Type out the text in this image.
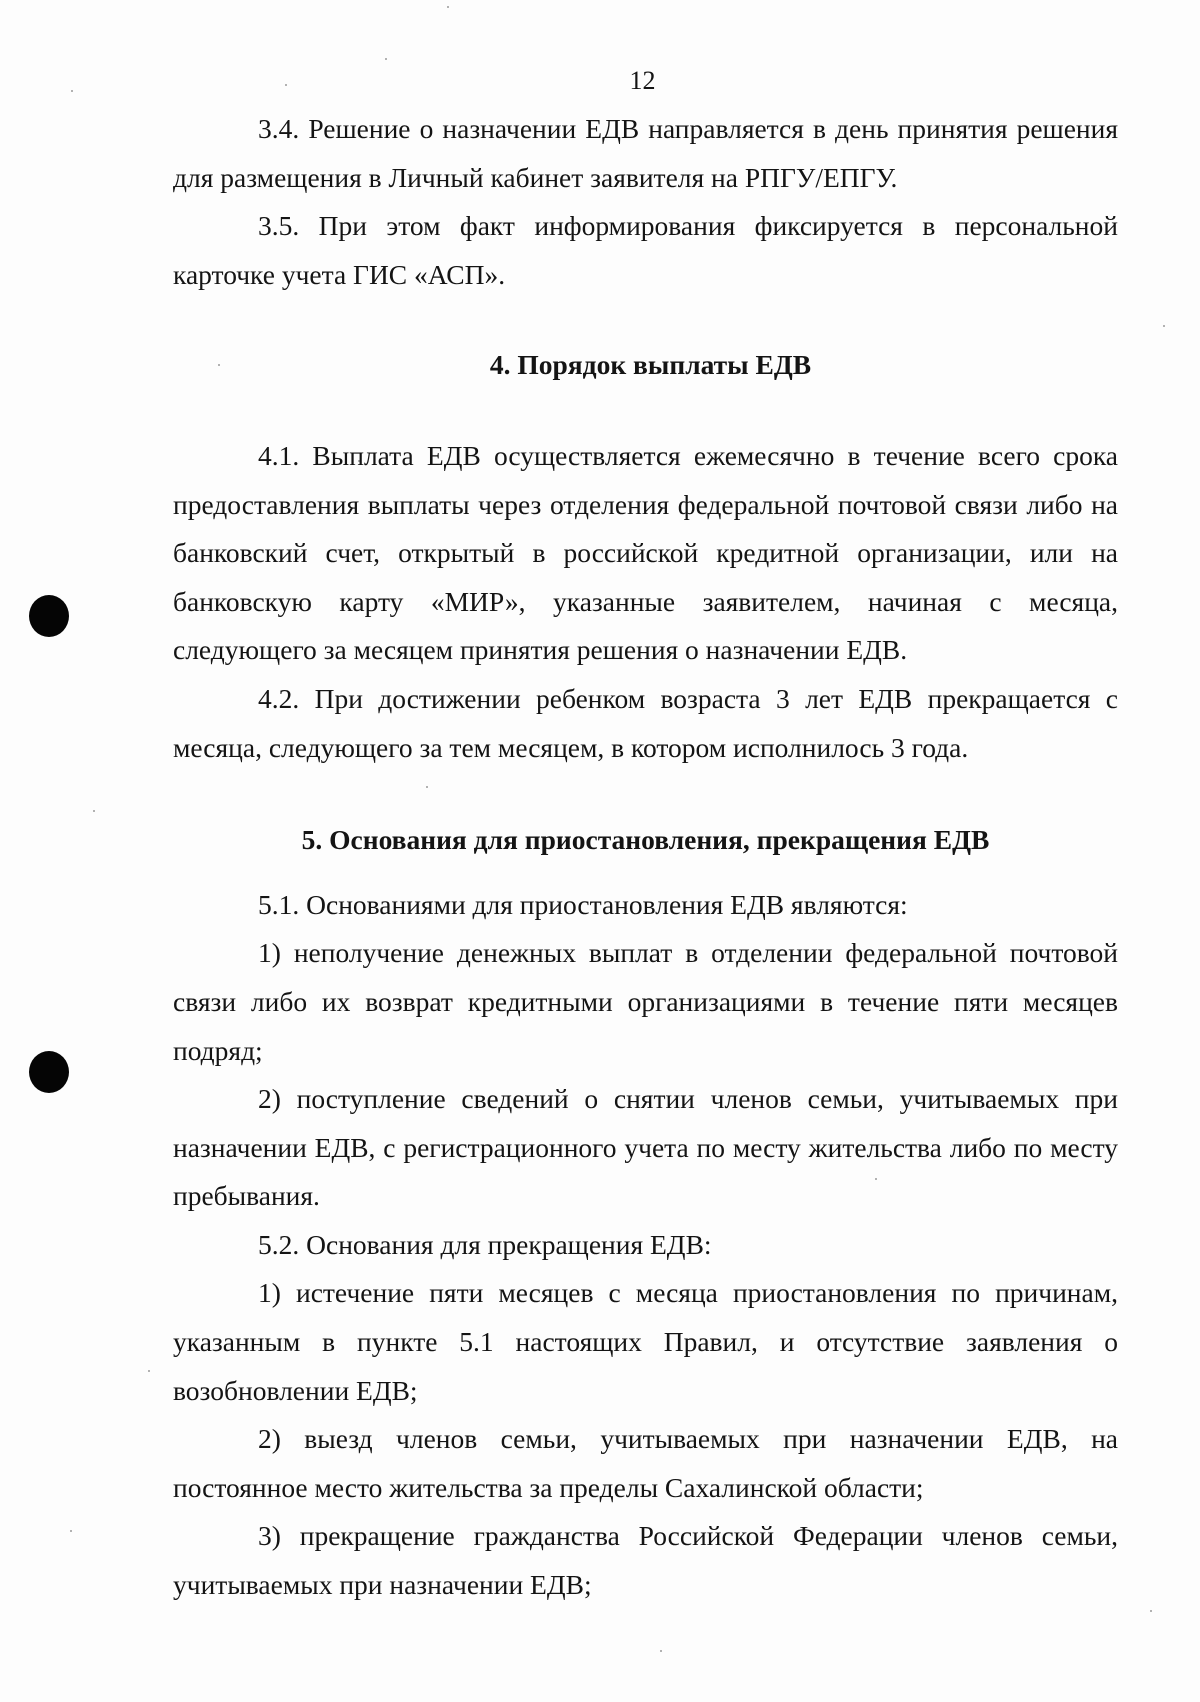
12

3.4. Решение о назначении ЕДВ направляется в день принятия решения для размещения в Личный кабинет заявителя на РПГУ/ЕПГУ.

3.5. При этом факт информирования фиксируется в персональной карточке учета ГИС «АСП».

4. Порядок выплаты ЕДВ

4.1. Выплата ЕДВ осуществляется ежемесячно в течение всего срока предоставления выплаты через отделения федеральной почтовой связи либо на банковский счет, открытый в российской кредитной организации, или на банковскую карту «МИР», указанные заявителем, начиная с месяца, следующего за месяцем принятия решения о назначении ЕДВ.

4.2. При достижении ребенком возраста 3 лет ЕДВ прекращается с месяца, следующего за тем месяцем, в котором исполнилось 3 года.

5. Основания для приостановления, прекращения ЕДВ

5.1. Основаниями для приостановления ЕДВ являются:

1) неполучение денежных выплат в отделении федеральной почтовой связи либо их возврат кредитными организациями в течение пяти месяцев подряд;

2) поступление сведений о снятии членов семьи, учитываемых при назначении ЕДВ, с регистрационного учета по месту жительства либо по месту пребывания.

5.2. Основания для прекращения ЕДВ:

1) истечение пяти месяцев с месяца приостановления по причинам, указанным в пункте 5.1 настоящих Правил, и отсутствие заявления о возобновлении ЕДВ;

2) выезд членов семьи, учитываемых при назначении ЕДВ, на постоянное место жительства за пределы Сахалинской области;

3) прекращение гражданства Российской Федерации членов семьи, учитываемых при назначении ЕДВ;
